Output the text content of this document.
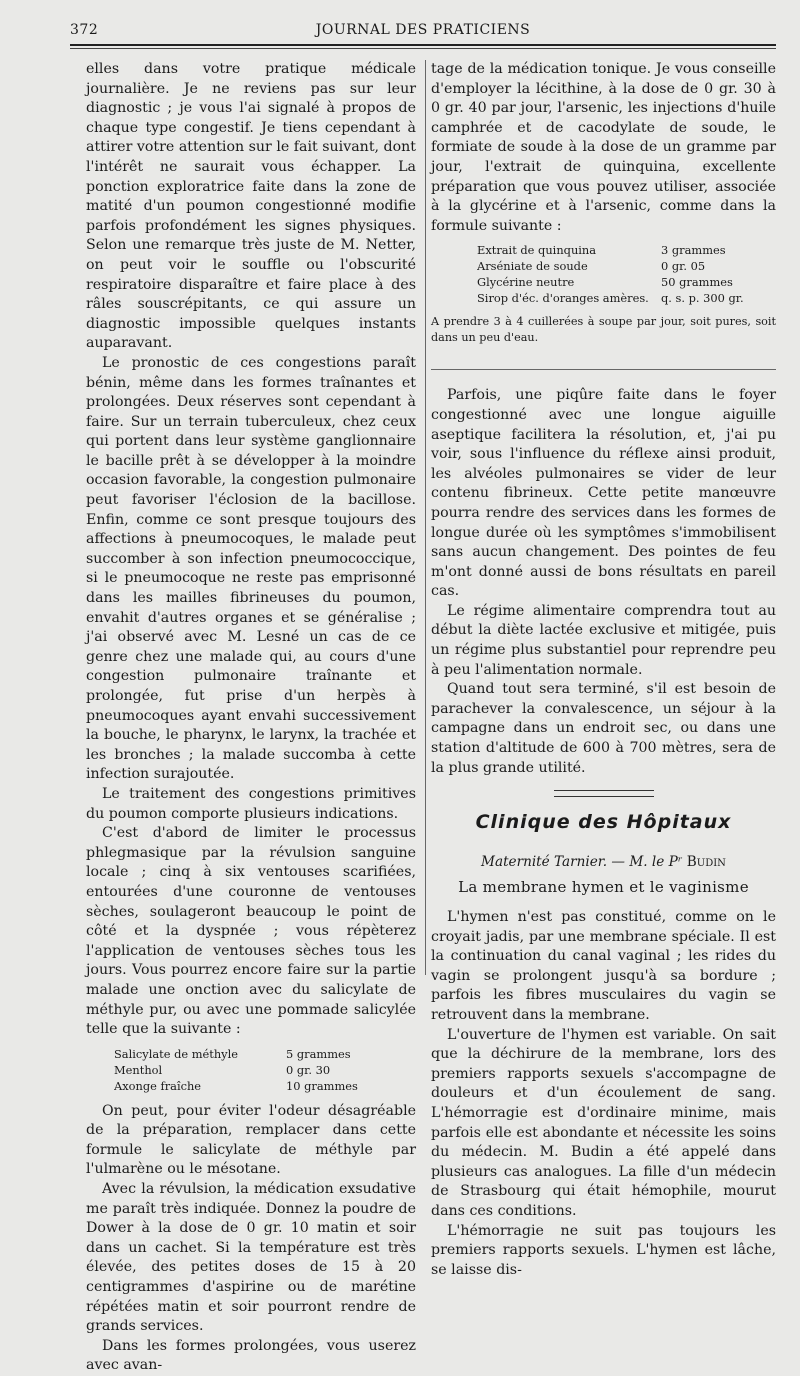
372	JOURNAL DES PRATICIENS

elles dans votre pratique médicale journalière. Je ne reviens pas sur leur diagnostic ; je vous l'ai signalé à propos de chaque type congestif. Je tiens cependant à attirer votre attention sur le fait suivant, dont l'intérêt ne saurait vous échapper. La ponction exploratrice faite dans la zone de matité d'un poumon congestionné modifie parfois profondément les signes physiques. Selon une remarque très juste de M. Netter, on peut voir le souffle ou l'obscurité respiratoire disparaître et faire place à des râles souscrépitants, ce qui assure un diagnostic impossible quelques instants auparavant.

Le pronostic de ces congestions paraît bénin, même dans les formes traînantes et prolongées. Deux réserves sont cependant à faire. Sur un terrain tuberculeux, chez ceux qui portent dans leur système ganglionnaire le bacille prêt à se développer à la moindre occasion favorable, la congestion pulmonaire peut favoriser l'éclosion de la bacillose. Enfin, comme ce sont presque toujours des affections à pneumocoques, le malade peut succomber à son infection pneumococcique, si le pneumocoque ne reste pas emprisonné dans les mailles fibrineuses du poumon, envahit d'autres organes et se généralise ; j'ai observé avec M. Lesné un cas de ce genre chez une malade qui, au cours d'une congestion pulmonaire traînante et prolongée, fut prise d'un herpès à pneumocoques ayant envahi successivement la bouche, le pharynx, le larynx, la trachée et les bronches ; la malade succomba à cette infection surajoutée.

Le traitement des congestions primitives du poumon comporte plusieurs indications.

C'est d'abord de limiter le processus phlegmasique par la révulsion sanguine locale ; cinq à six ventouses scarifiées, entourées d'une couronne de ventouses sèches, soulageront beaucoup le point de côté et la dyspnée ; vous répèterez l'application de ventouses sèches tous les jours. Vous pourrez encore faire sur la partie malade une onction avec du salicylate de méthyle pur, ou avec une pommade salicylée telle que la suivante :

Salicylate de méthyle	5 grammes
Menthol	0 gr. 30
Axonge fraîche	10 grammes

On peut, pour éviter l'odeur désagréable de la préparation, remplacer dans cette formule le salicylate de méthyle par l'ulmarène ou le mésotane.

Avec la révulsion, la médication exsudative me paraît très indiquée. Donnez la poudre de Dower à la dose de 0 gr. 10 matin et soir dans un cachet. Si la température est très élevée, des petites doses de 15 à 20 centigrammes d'aspirine ou de marétine répétées matin et soir pourront rendre de grands services.

Dans les formes prolongées, vous userez avec avan-

tage de la médication tonique. Je vous conseille d'employer la lécithine, à la dose de 0 gr. 30 à 0 gr. 40 par jour, l'arsenic, les injections d'huile camphrée et de cacodylate de soude, le formiate de soude à la dose de un gramme par jour, l'extrait de quinquina, excellente préparation que vous pouvez utiliser, associée à la glycérine et à l'arsenic, comme dans la formule suivante :

Extrait de quinquina	3 grammes
Arséniate de soude	0 gr. 05
Glycérine neutre	50 grammes
Sirop d'éc. d'oranges amères.	q. s. p. 300 gr.
A prendre 3 à 4 cuillerées à soupe par jour, soit pures, soit dans un peu d'eau.

Parfois, une piqûre faite dans le foyer congestionné avec une longue aiguille aseptique facilitera la résolution, et, j'ai pu voir, sous l'influence du réflexe ainsi produit, les alvéoles pulmonaires se vider de leur contenu fibrineux. Cette petite manœuvre pourra rendre des services dans les formes de longue durée où les symptômes s'immobilisent sans aucun changement. Des pointes de feu m'ont donné aussi de bons résultats en pareil cas.

Le régime alimentaire comprendra tout au début la diète lactée exclusive et mitigée, puis un régime plus substantiel pour reprendre peu à peu l'alimentation normale.

Quand tout sera terminé, s'il est besoin de parachever la convalescence, un séjour à la campagne dans un endroit sec, ou dans une station d'altitude de 600 à 700 mètres, sera de la plus grande utilité.

Clinique des Hôpitaux
Maternité Tarnier. — M. le Pʳ Budin
La membrane hymen et le vaginisme

L'hymen n'est pas constitué, comme on le croyait jadis, par une membrane spéciale. Il est la continuation du canal vaginal ; les rides du vagin se prolongent jusqu'à sa bordure ; parfois les fibres musculaires du vagin se retrouvent dans la membrane.

L'ouverture de l'hymen est variable. On sait que la déchirure de la membrane, lors des premiers rapports sexuels s'accompagne de douleurs et d'un écoulement de sang. L'hémorragie est d'ordinaire minime, mais parfois elle est abondante et nécessite les soins du médecin. M. Budin a été appelé dans plusieurs cas analogues. La fille d'un médecin de Strasbourg qui était hémophile, mourut dans ces conditions.

L'hémorragie ne suit pas toujours les premiers rapports sexuels. L'hymen est lâche, se laisse dis-
